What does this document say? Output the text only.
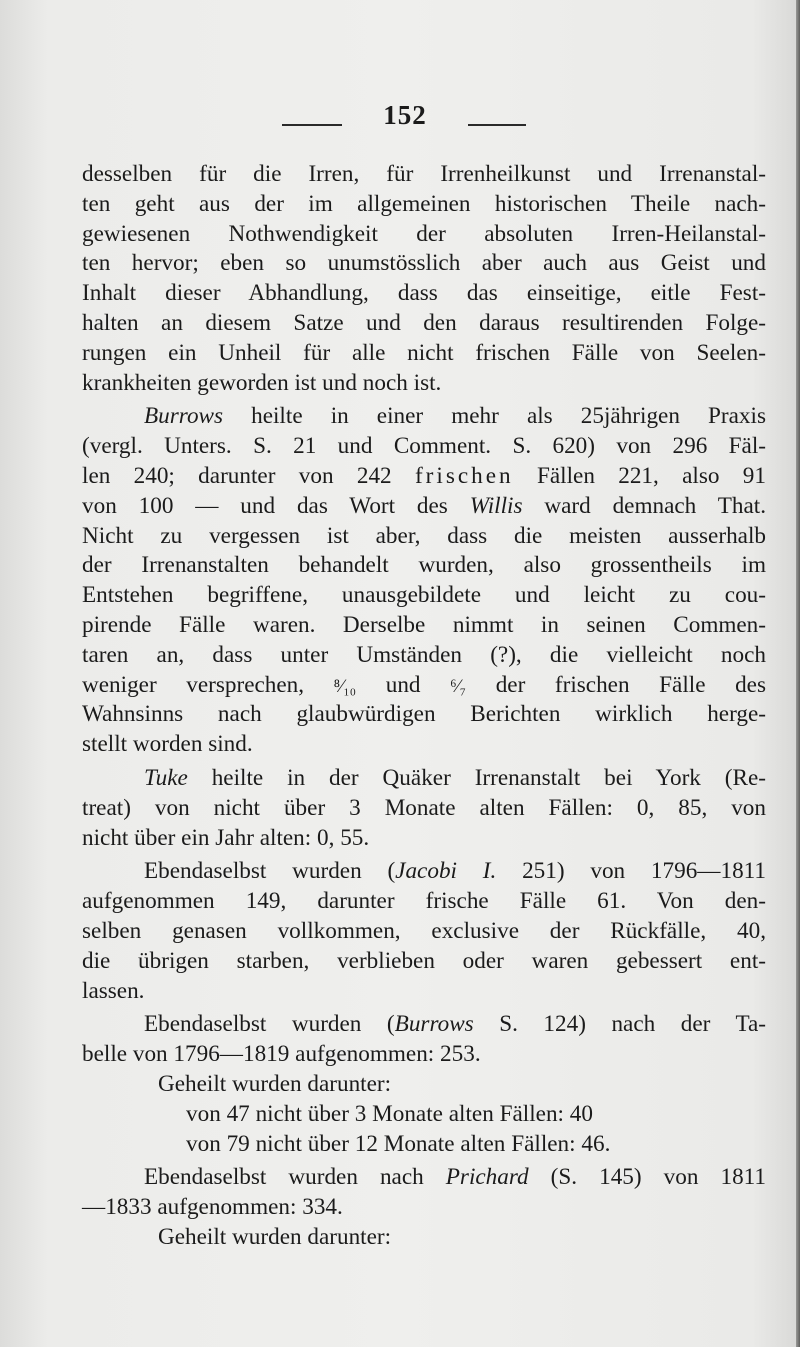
152
desselben für die Irren, für Irrenheilkunst und Irrenanstal-
ten geht aus der im allgemeinen historischen Theile nach-
gewiesenen Nothwendigkeit der absoluten Irren-Heilanstal-
ten hervor; eben so unumstösslich aber auch aus Geist und
Inhalt dieser Abhandlung, dass das einseitige, eitle Fest-
halten an diesem Satze und den daraus resultirenden Folge-
rungen ein Unheil für alle nicht frischen Fälle von Seelen-
krankheiten geworden ist und noch ist.
Burrows heilte in einer mehr als 25jährigen Praxis
(vergl. Unters. S. 21 und Comment. S. 620) von 296 Fäl-
len 240; darunter von 242 frischen Fällen 221, also 91
von 100 — und das Wort des Willis ward demnach That.
Nicht zu vergessen ist aber, dass die meisten ausserhalb
der Irrenanstalten behandelt wurden, also grossentheils im
Entstehen begriffene, unausgebildete und leicht zu cou-
pirende Fälle waren. Derselbe nimmt in seinen Commen-
taren an, dass unter Umständen (?), die vielleicht noch
weniger versprechen, ⁸⁄₁₀ und ⁶⁄₇ der frischen Fälle des
Wahnsinns nach glaubwürdigen Berichten wirklich herge-
stellt worden sind.
Tuke heilte in der Quäker Irrenanstalt bei York (Re-
treat) von nicht über 3 Monate alten Fällen: 0, 85, von
nicht über ein Jahr alten: 0, 55.
Ebendaselbst wurden (Jacobi I. 251) von 1796—1811
aufgenommen 149, darunter frische Fälle 61. Von den-
selben genasen vollkommen, exclusive der Rückfälle, 40,
die übrigen starben, verblieben oder waren gebessert ent-
lassen.
Ebendaselbst wurden (Burrows S. 124) nach der Ta-
belle von 1796—1819 aufgenommen: 253.
Geheilt wurden darunter:
von 47 nicht über 3 Monate alten Fällen: 40
von 79 nicht über 12 Monate alten Fällen: 46.
Ebendaselbst wurden nach Prichard (S. 145) von 1811
—1833 aufgenommen: 334.
Geheilt wurden darunter:
